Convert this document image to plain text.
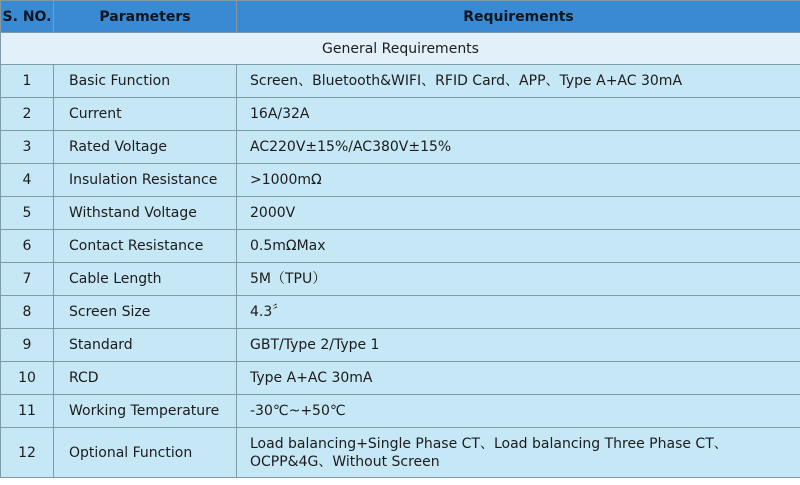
S. NO.	Parameters	Requirements
General Requirements		
1	Basic Function	Screen、Bluetooth&WIFI、RFID Card、APP、Type A+AC 30mA

2	Current	16A/32A

3	Rated Voltage	AC220V±15%/AC380V±15%

4	Insulation Resistance	>1000mΩ

5	Withstand Voltage	2000V

6	Contact Resistance	0.5mΩMax

7	Cable Length	5M（TPU）

8	Screen Size	4.3〞

9	Standard	GBT/Type 2/Type 1

10	RCD	Type A+AC 30mA

11	Working Temperature	-30℃~+50℃

12	Optional Function	Load balancing+Single Phase CT、Load balancing Three Phase CT、
OCPP&4G、Without Screen
